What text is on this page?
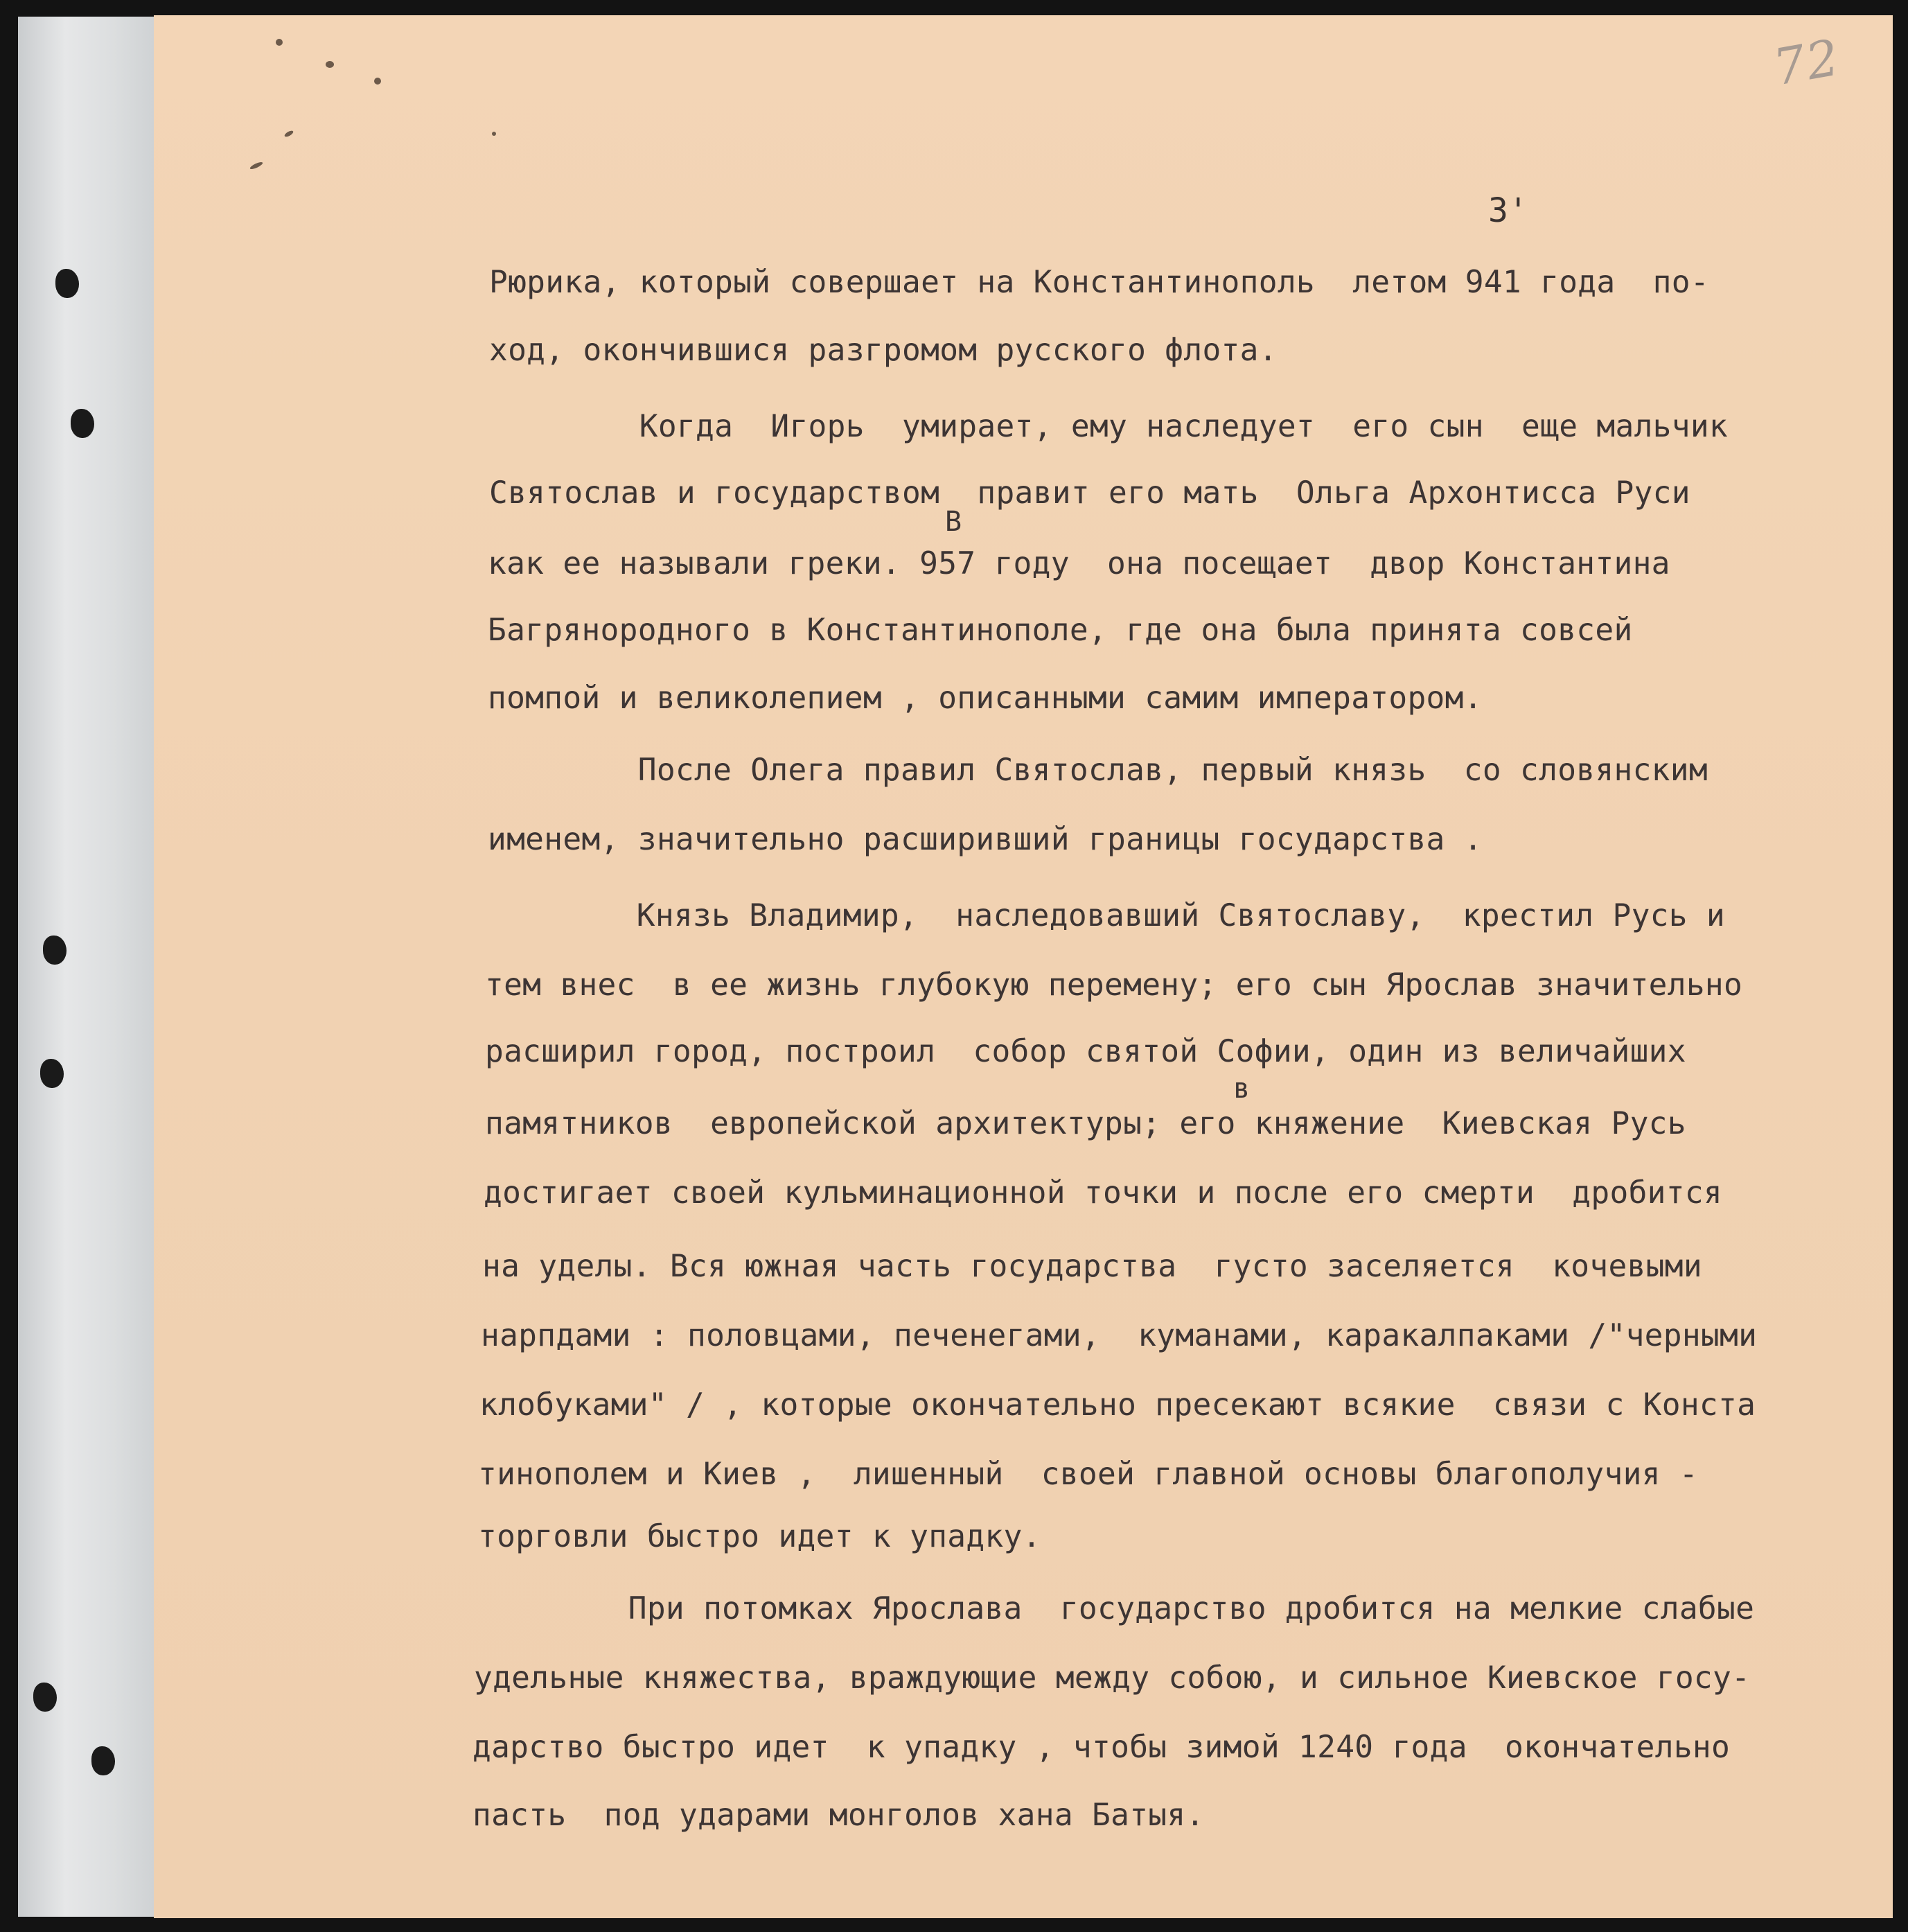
72
3'
В
в

Рюрика, который совершает на Константинополь  летом 941 года  по-

ход, окончившися разгромом русского флота.

Когда  Игорь  умирает, ему наследует  его сын  еще мальчик

Святослав и государством  правит его мать  Ольга Архонтисса Руси

как ее называли греки. 957 году  она посещает  двор Константина

Багрянородного в Константинополе, где она была принята совсей

помпой и великолепием , описанными самим императором.

После Олега правил Святослав, первый князь  со словянским

именем, значительно расширивший границы государства .

Князь Владимир,  наследовавший Святославу,  крестил Русь и

тем внес  в ее жизнь глубокую перемену; его сын Ярослав значительно

расширил город, построил  собор святой Софии, один из величайших

памятников  европейской архитектуры; его княжение  Киевская Русь

достигает своей кульминационной точки и после его смерти  дробится

на уделы. Вся южная часть государства  густо заселяется  кочевыми

нарпдами : половцами, печенегами,  куманами, каракалпаками /"черными

клобуками" / , которые окончательно пресекают всякие  связи с Конста

тинополем и Киев ,  лишенный  своей главной основы благополучия -

торговли быстро идет к упадку.

При потомках Ярослава  государство дробится на мелкие слабые

удельные княжества, враждующие между собою, и сильное Киевское госу-

дарство быстро идет  к упадку , чтобы зимой 1240 года  окончательно

пасть  под ударами монголов хана Батыя.
